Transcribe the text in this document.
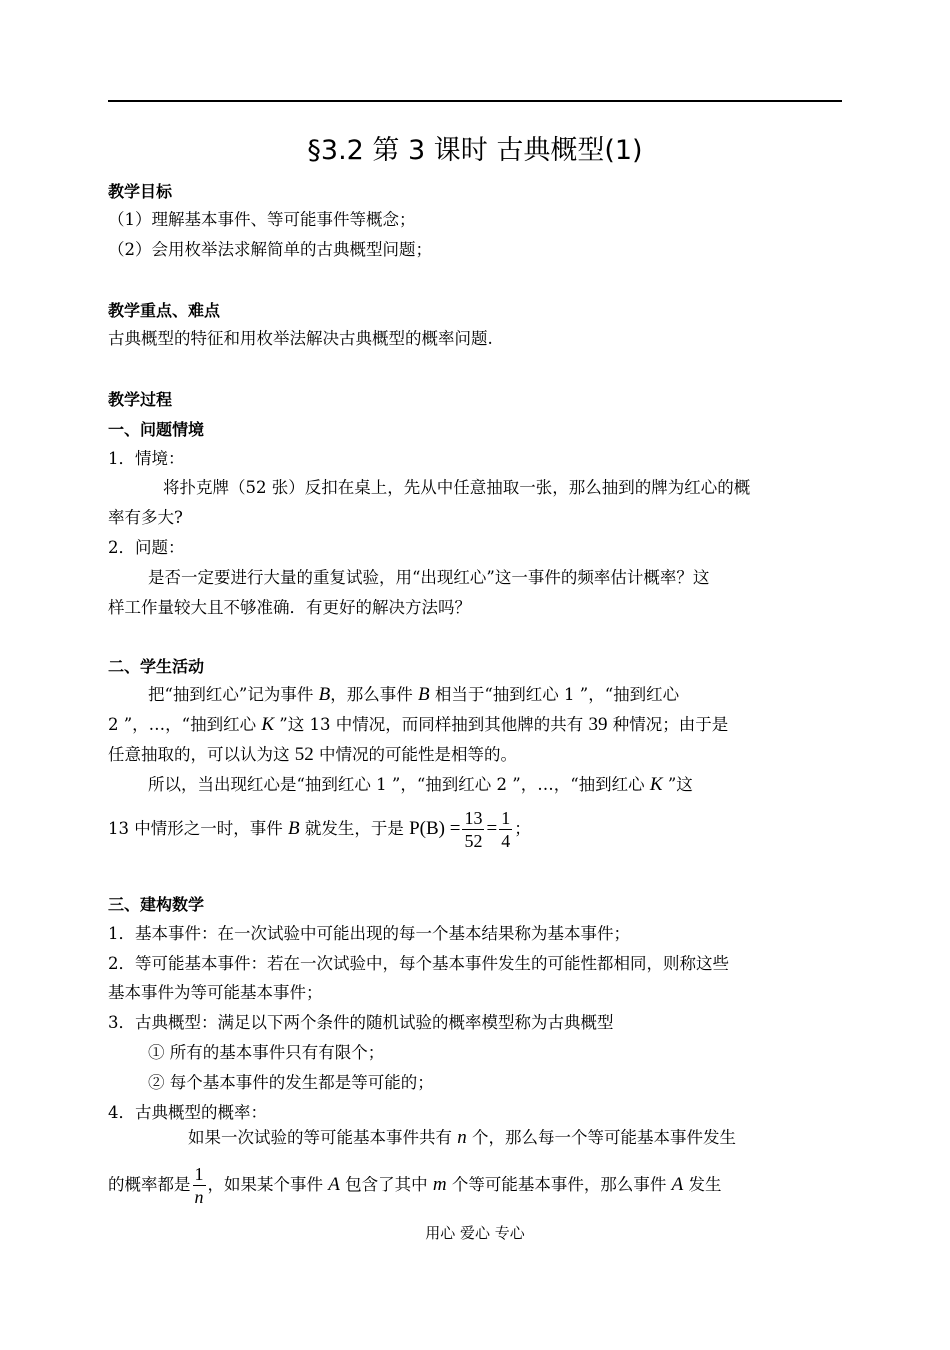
§3.2 第 3 课时 古典概型(1)
教学目标
（1）理解基本事件、等可能事件等概念；
（2）会用枚举法求解简单的古典概型问题；
教学重点、难点
古典概型的特征和用枚举法解决古典概型的概率问题.
教学过程
一、问题情境
1．情境：
将扑克牌（52 张）反扣在桌上，先从中任意抽取一张，那么抽到的牌为红心的概
率有多大?
2．问题：
是否一定要进行大量的重复试验，用“出现红心”这一事件的频率估计概率？这
样工作量较大且不够准确．有更好的解决方法吗？
二、学生活动
把“抽到红心”记为事件 B，那么事件 B 相当于“抽到红心 1 ”，“抽到红心
2 ”，…，“抽到红心 K ”这 13 中情况，而同样抽到其他牌的共有 39 种情况；由于是
任意抽取的，可以认为这 52 中情况的可能性是相等的。
所以，当出现红心是“抽到红心 1 ”，“抽到红心 2 ”，…，“抽到红心 K ”这
13 中情形之一时，事件 B 就发生，于是 $P(B) = \frac{13}{52} = \frac{1}{4}$ ；
三、建构数学
1．基本事件：在一次试验中可能出现的每一个基本结果称为基本事件；
2．等可能基本事件：若在一次试验中，每个基本事件发生的可能性都相同，则称这些
基本事件为等可能基本事件；
3．古典概型：满足以下两个条件的随机试验的概率模型称为古典概型
① 所有的基本事件只有有限个；
② 每个基本事件的发生都是等可能的；
4．古典概型的概率：
如果一次试验的等可能基本事件共有 n 个，那么每一个等可能基本事件发生
的概率都是 $\frac{1}{n}$ ，如果某个事件 A 包含了其中 m 个等可能基本事件，那么事件 A 发生
用心 爱心 专心
